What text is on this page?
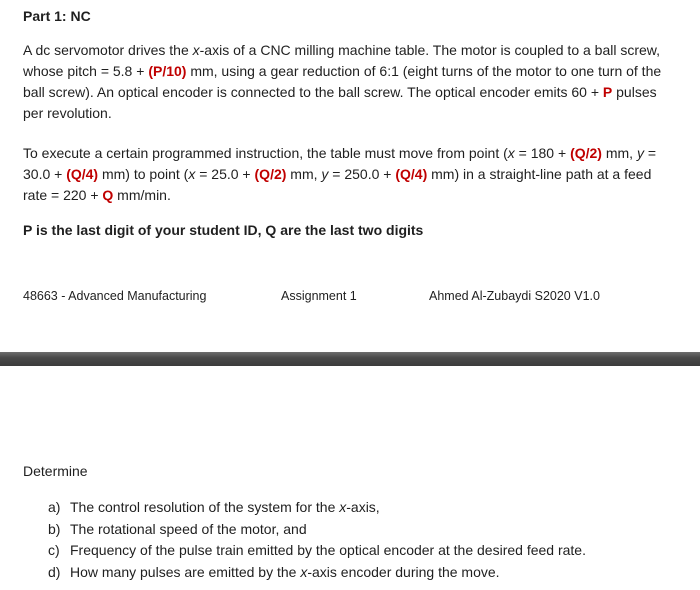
Part 1: NC

A dc servomotor drives the x-axis of a CNC milling machine table. The motor is coupled to a ball screw, whose pitch = 5.8 + (P/10) mm, using a gear reduction of 6:1 (eight turns of the motor to one turn of the ball screw). An optical encoder is connected to the ball screw. The optical encoder emits 60 + P pulses per revolution.

To execute a certain programmed instruction, the table must move from point (x = 180 + (Q/2) mm, y = 30.0 + (Q/4) mm) to point (x = 25.0 + (Q/2) mm, y = 250.0 + (Q/4) mm) in a straight-line path at a feed rate = 220 + Q mm/min.

P is the last digit of your student ID, Q are the last two digits

48663 - Advanced Manufacturing	Assignment 1	Ahmed Al-Zubaydi S2020 V1.0
Determine
a) The control resolution of the system for the x-axis,
b) The rotational speed of the motor, and
c) Frequency of the pulse train emitted by the optical encoder at the desired feed rate.
d) How many pulses are emitted by the x-axis encoder during the move.
